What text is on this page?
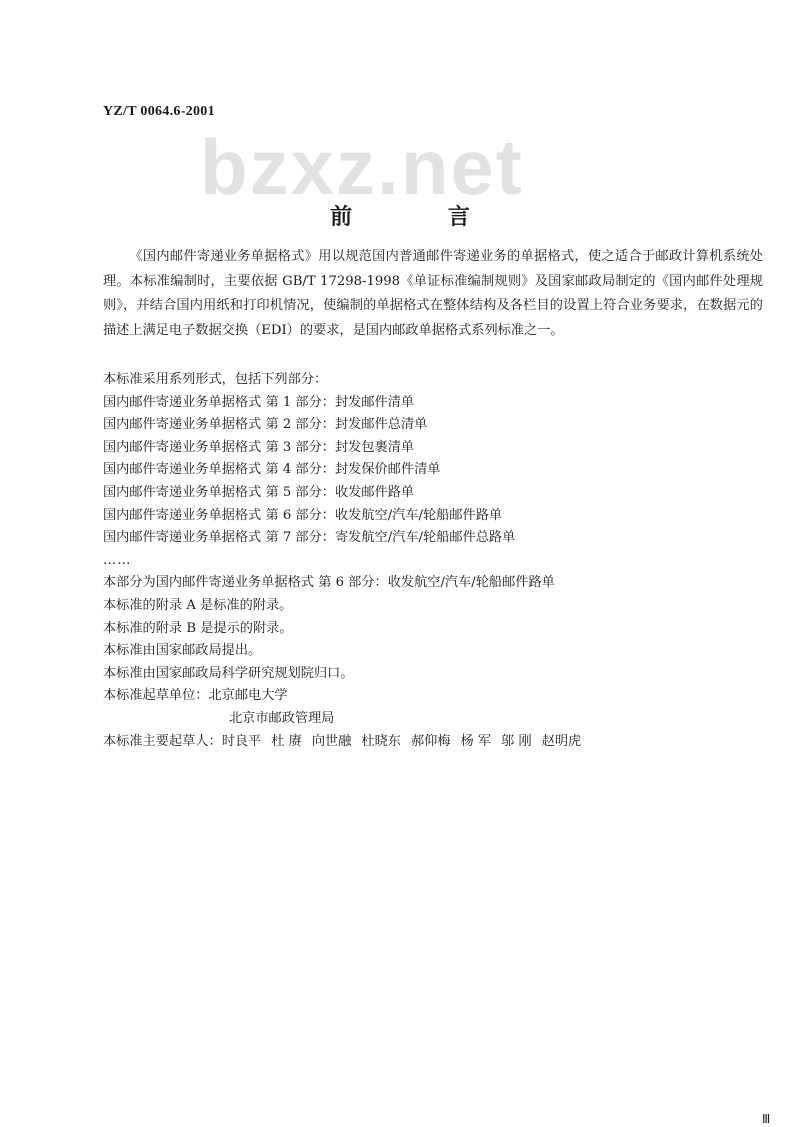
YZ/T 0064.6-2001
bzxz.net
前 言
《国内邮件寄递业务单据格式》用以规范国内普通邮件寄递业务的单据格式，使之适合于邮政计算机系统处理。本标准编制时，主要依据 GB/T 17298-1998《单证标准编制规则》及国家邮政局制定的《国内邮件处理规则》，并结合国内用纸和打印机情况，使编制的单据格式在整体结构及各栏目的设置上符合业务要求，在数据元的描述上满足电子数据交换（EDI）的要求，是国内邮政单据格式系列标准之一。
本标准采用系列形式，包括下列部分：
国内邮件寄递业务单据格式 第 1 部分：封发邮件清单
国内邮件寄递业务单据格式 第 2 部分：封发邮件总清单
国内邮件寄递业务单据格式 第 3 部分：封发包裹清单
国内邮件寄递业务单据格式 第 4 部分：封发保价邮件清单
国内邮件寄递业务单据格式 第 5 部分：收发邮件路单
国内邮件寄递业务单据格式 第 6 部分：收发航空/汽车/轮船邮件路单
国内邮件寄递业务单据格式 第 7 部分：寄发航空/汽车/轮船邮件总路单
……
本部分为国内邮件寄递业务单据格式 第 6 部分：收发航空/汽车/轮船邮件路单
本标准的附录 A 是标准的附录。
本标准的附录 B 是提示的附录。
本标准由国家邮政局提出。
本标准由国家邮政局科学研究规划院归口。
本标准起草单位：北京邮电大学
北京市邮政管理局
本标准主要起草人：时良平 杜 赓 向世融 杜晓东 郝仰梅 杨 军 邬 刚 赵明虎
Ⅲ
